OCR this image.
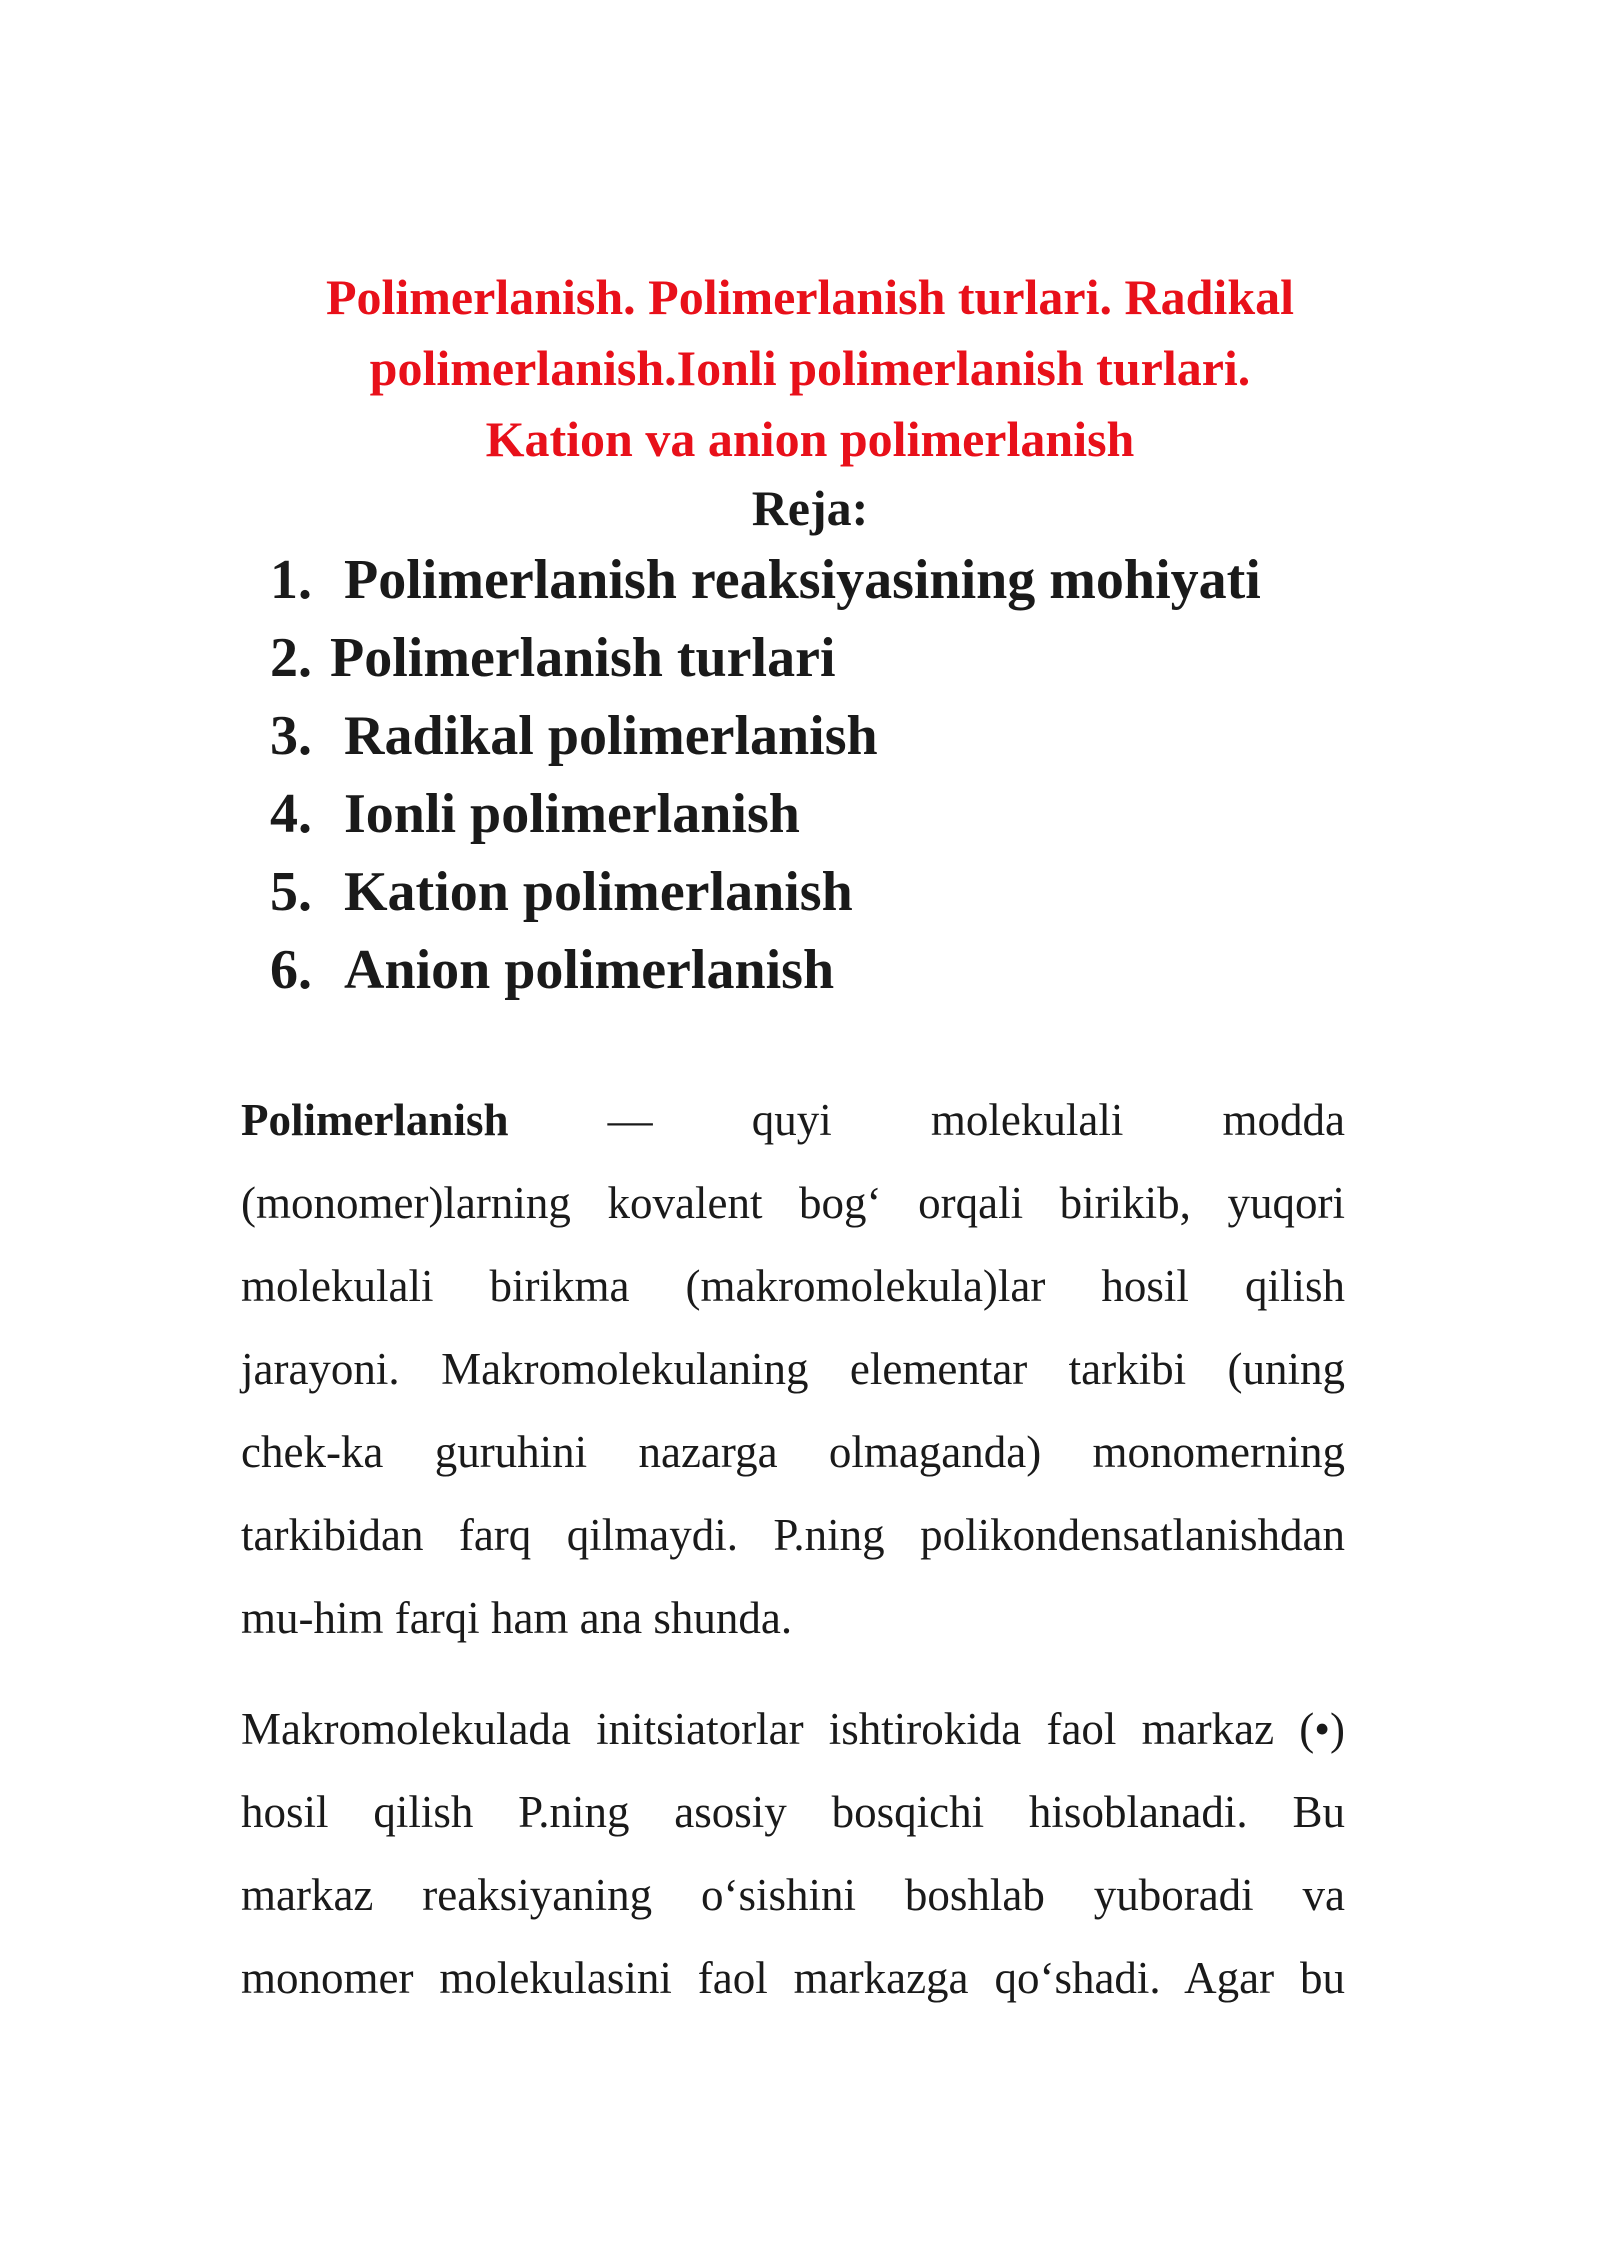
Polimerlanish. Polimerlanish turlari. Radikal
polimerlanish.Ionli polimerlanish turlari.
Kation va anion polimerlanish
Reja:
1. Polimerlanish reaksiyasining mohiyati
2. Polimerlanish turlari
3. Radikal polimerlanish
4. Ionli polimerlanish
5. Kation polimerlanish
6. Anion polimerlanish
Polimerlanish — quyi molekulali modda
(monomer)larning kovalent bog‘ orqali birikib, yuqori
molekulali birikma (makromolekula)lar hosil qilish
jarayoni. Makromolekulaning elementar tarkibi (uning
chek-ka guruhini nazarga olmaganda) monomerning
tarkibidan farq qilmaydi. P.ning polikondensatlanishdan
mu-him farqi ham ana shunda.
Makromolekulada initsiatorlar ishtirokida faol markaz (•)
hosil qilish P.ning asosiy bosqichi hisoblanadi. Bu
markaz reaksiyaning o‘sishini boshlab yuboradi va
monomer molekulasini faol markazga qo‘shadi. Agar bu
